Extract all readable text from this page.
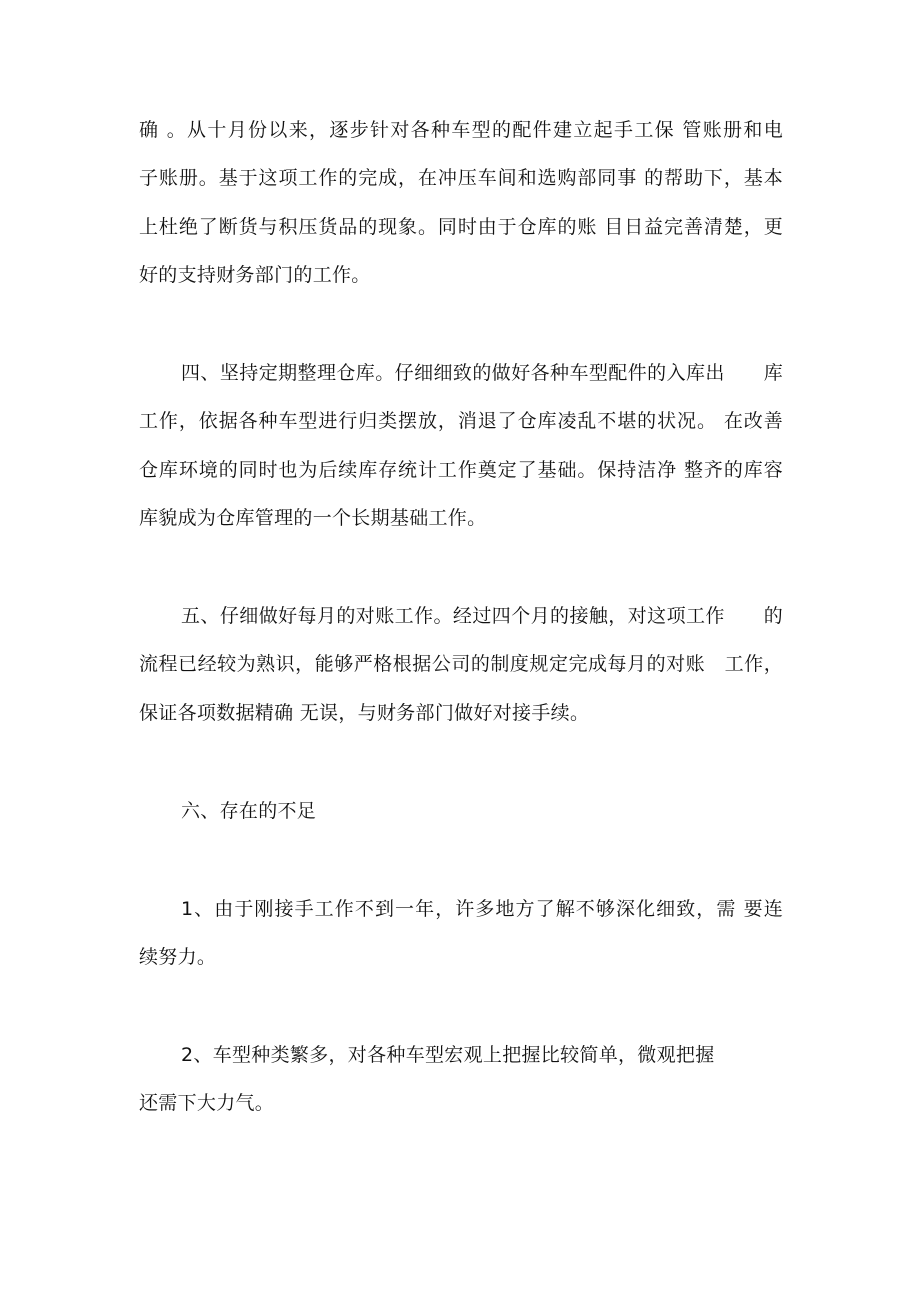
确 。从十月份以来，逐步针对各种车型的配件建立起手工保 管账册和电
子账册。基于这项工作的完成，在冲压车间和选购部同事 的帮助下，基本
上杜绝了断货与积压货品的现象。同时由于仓库的账 目日益完善清楚，更
好的支持财务部门的工作。
四、坚持定期整理仓库。仔细细致的做好各种车型配件的入库出　　库
工作，依据各种车型进行归类摆放，消退了仓库凌乱不堪的状况。 在改善
仓库环境的同时也为后续库存统计工作奠定了基础。保持洁净 整齐的库容
库貌成为仓库管理的一个长期基础工作。
五、仔细做好每月的对账工作。经过四个月的接触，对这项工作　　的
流程已经较为熟识，能够严格根据公司的制度规定完成每月的对账　工作，
保证各项数据精确 无误，与财务部门做好对接手续。
六、存在的不足
1、由于刚接手工作不到一年，许多地方了解不够深化细致，需 要连
续努力。
2、车型种类繁多，对各种车型宏观上把握比较简单，微观把握
还需下大力气。
